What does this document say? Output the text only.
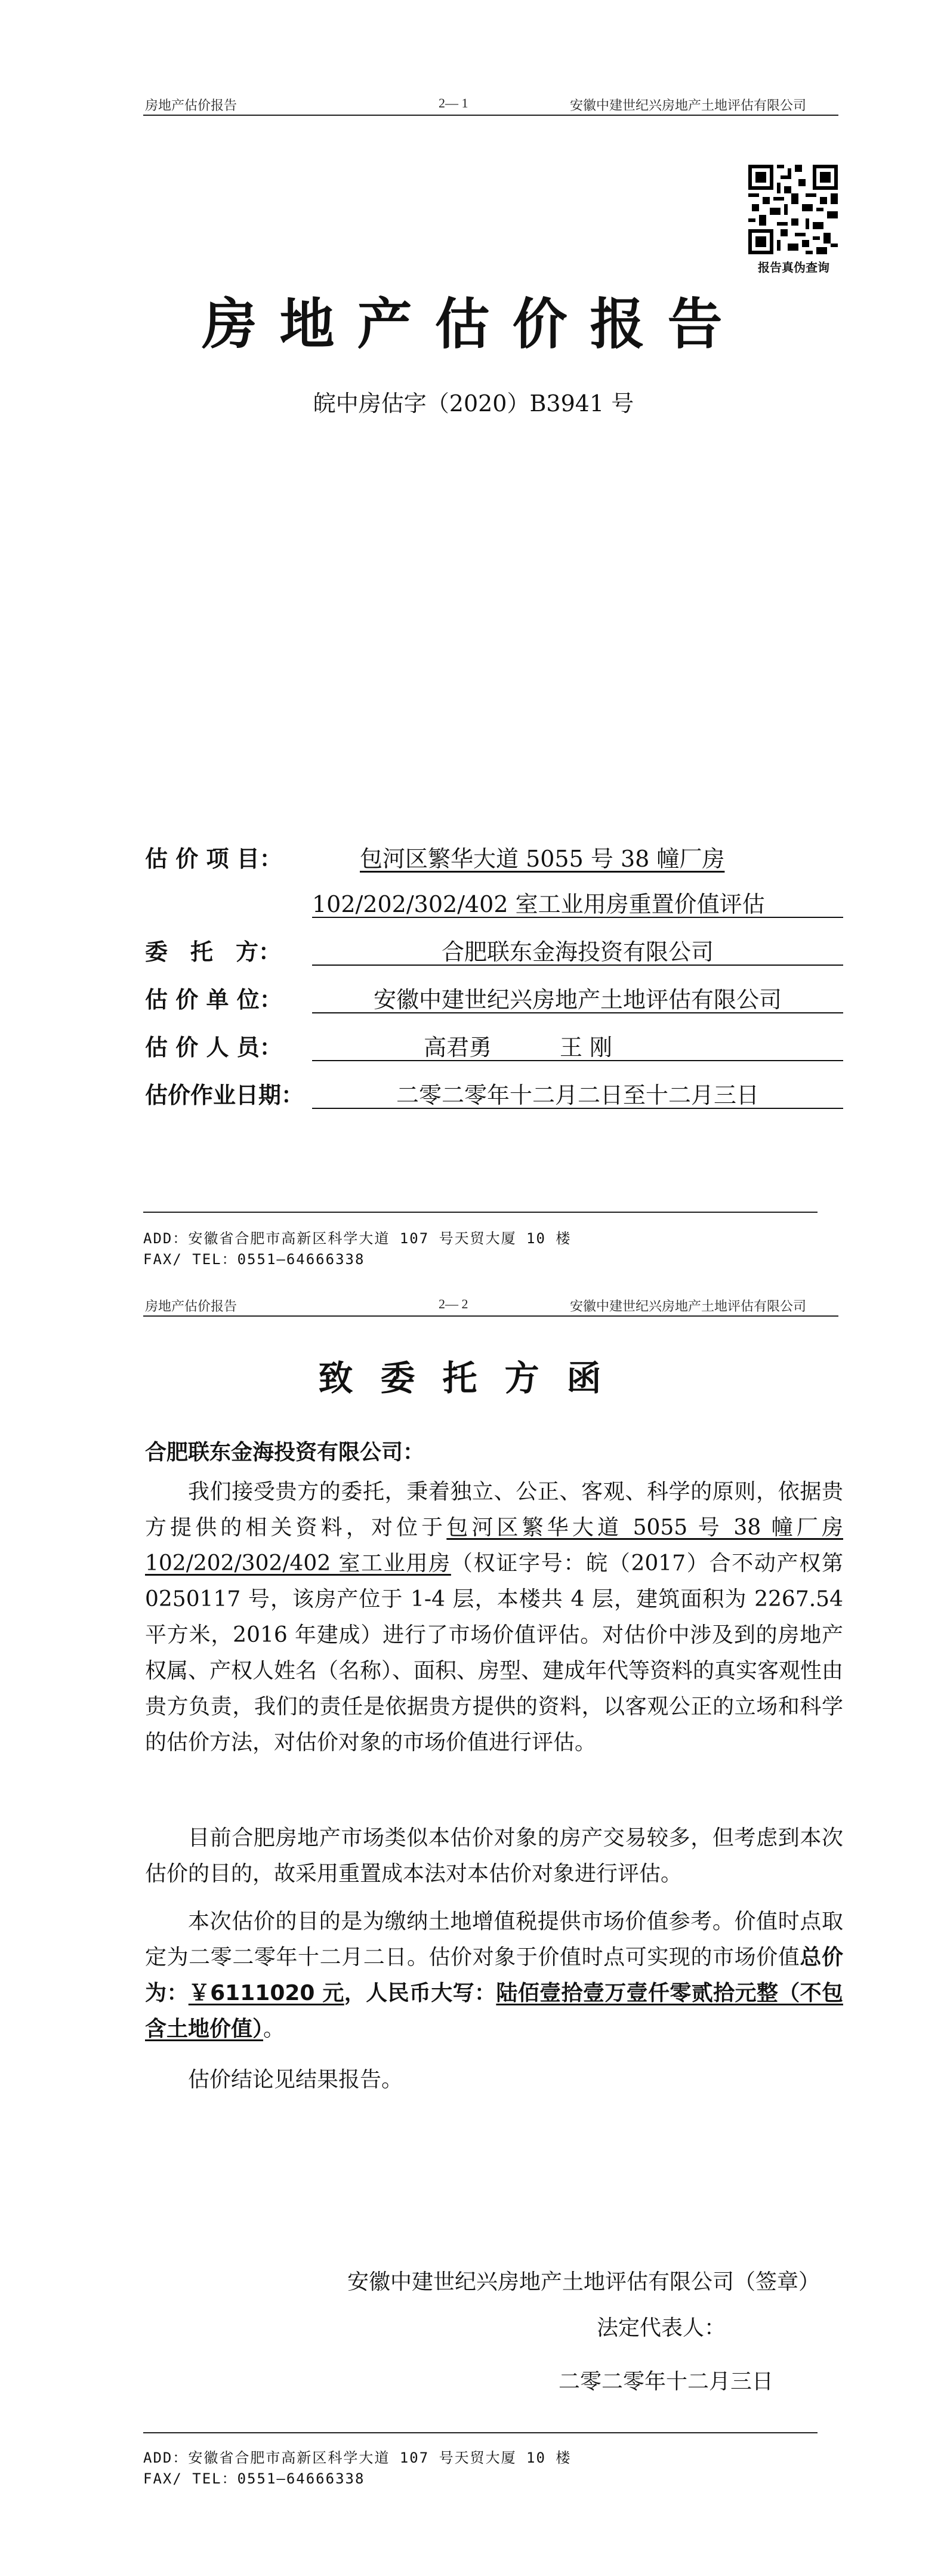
房地产估价报告	2— 1	安徽中建世纪兴房地产土地评估有限公司
报告真伪查询
房地产估价报告
皖中房估字（2020）B3941 号
估 价 项 目：	包河区繁华大道 5055 号 38 幢厂房
102/202/302/402 室工业用房重置价值评估
委　托　方：	合肥联东金海投资有限公司
估 价 单 位：	安徽中建世纪兴房地产土地评估有限公司
估 价 人 员：	高君勇　　　王 刚
估价作业日期：	二零二零年十二月二日至十二月三日
ADD：安徽省合肥市高新区科学大道 107 号天贸大厦 10 楼
FAX/ TEL：0551—64666338
房地产估价报告	2— 2	安徽中建世纪兴房地产土地评估有限公司
致委托方函
合肥联东金海投资有限公司：
我们接受贵方的委托，秉着独立、公正、客观、科学的原则，依据贵方提供的相关资料，对位于包河区繁华大道 5055 号 38 幢厂房 102/202/302/402 室工业用房（权证字号：皖（2017）合不动产权第 0250117 号，该房产位于 1-4 层，本楼共 4 层，建筑面积为 2267.54 平方米，2016 年建成）进行了市场价值评估。对估价中涉及到的房地产权属、产权人姓名（名称）、面积、房型、建成年代等资料的真实客观性由贵方负责，我们的责任是依据贵方提供的资料，以客观公正的立场和科学的估价方法，对估价对象的市场价值进行评估。
目前合肥房地产市场类似本估价对象的房产交易较多，但考虑到本次估价的目的，故采用重置成本法对本估价对象进行评估。
本次估价的目的是为缴纳土地增值税提供市场价值参考。价值时点取定为二零二零年十二月二日。估价对象于价值时点可实现的市场价值总价为：￥6111020 元，人民币大写：陆佰壹拾壹万壹仟零贰拾元整（不包含土地价值）。
估价结论见结果报告。
安徽中建世纪兴房地产土地评估有限公司（签章）
法定代表人：
二零二零年十二月三日
ADD：安徽省合肥市高新区科学大道 107 号天贸大厦 10 楼
FAX/ TEL：0551—64666338
